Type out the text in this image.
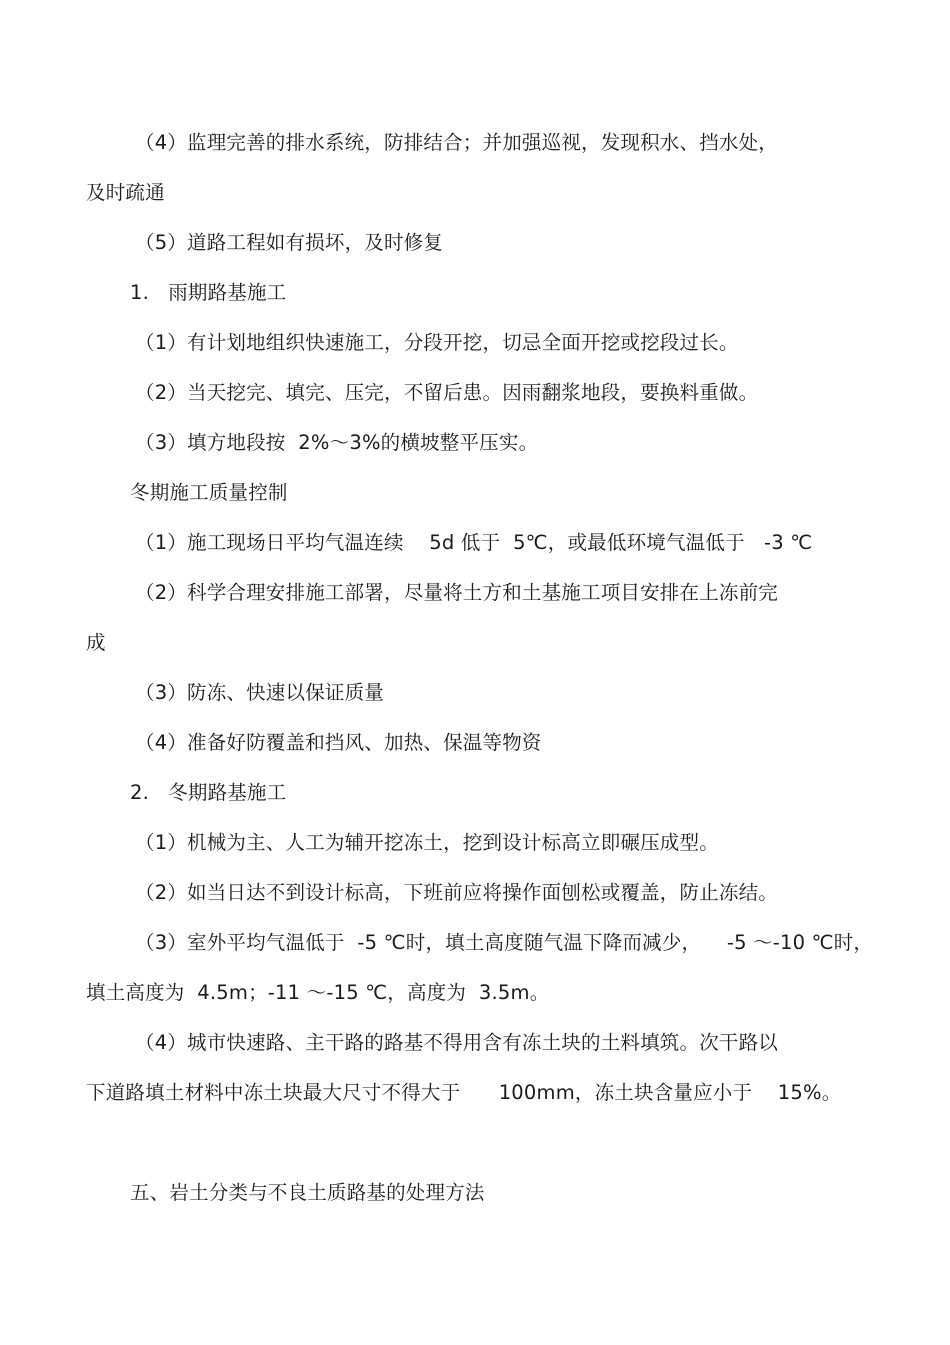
（4）监理完善的排水系统，防排结合；并加强巡视，发现积水、挡水处，
及时疏通
（5）道路工程如有损坏，及时修复
1.   雨期路基施工
（1）有计划地组织快速施工，分段开挖，切忌全面开挖或挖段过长。
（2）当天挖完、填完、压完，不留后患。因雨翻浆地段，要换料重做。
（3）填方地段按  2%～3%的横坡整平压实。
冬期施工质量控制
（1）施工现场日平均气温连续    5d 低于  5℃，或最低环境气温低于   -3 ℃
（2）科学合理安排施工部署，尽量将土方和土基施工项目安排在上冻前完
成
（3）防冻、快速以保证质量
（4）准备好防覆盖和挡风、加热、保温等物资
2.   冬期路基施工
（1）机械为主、人工为辅开挖冻土，挖到设计标高立即碾压成型。
（2）如当日达不到设计标高，下班前应将操作面刨松或覆盖，防止冻结。
（3）室外平均气温低于  -5 ℃时，填土高度随气温下降而减少，    -5 ～-10 ℃时，
填土高度为  4.5m；-11 ～-15 ℃，高度为  3.5m。
（4）城市快速路、主干路的路基不得用含有冻土块的土料填筑。次干路以
下道路填土材料中冻土块最大尺寸不得大于      100mm，冻土块含量应小于    15%。
五、岩土分类与不良土质路基的处理方法
